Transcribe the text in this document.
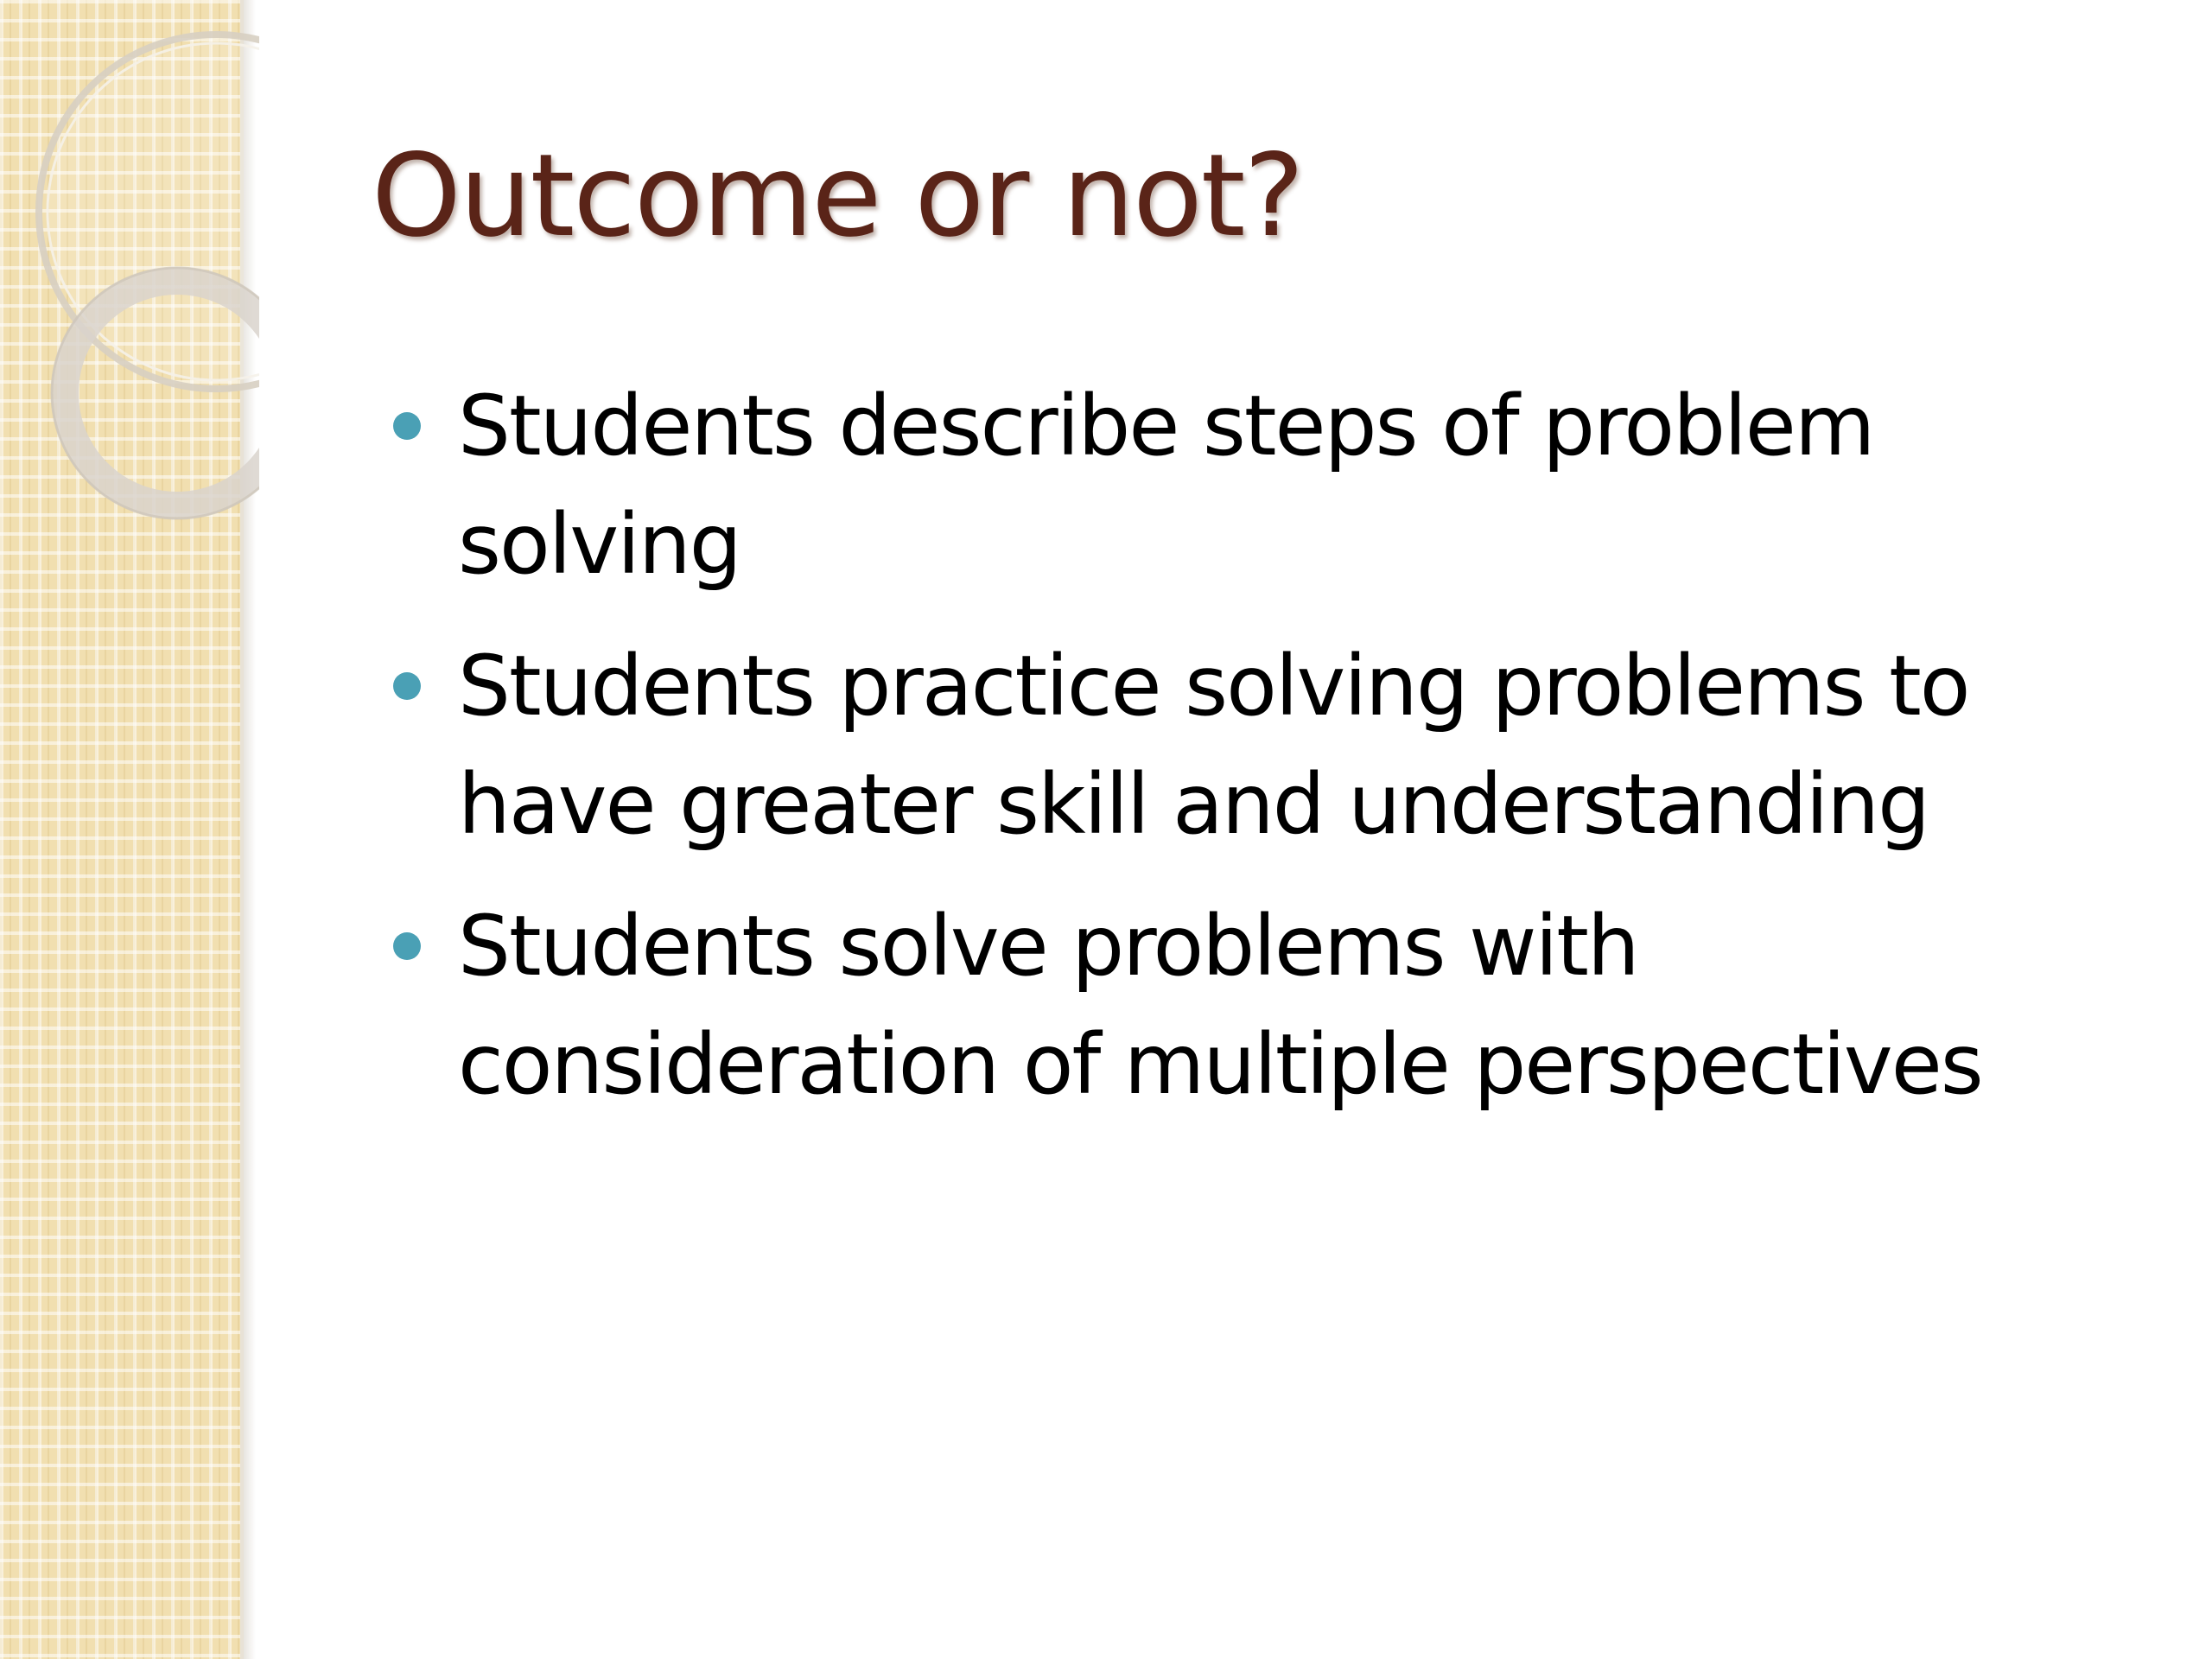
Outcome or not?
Students describe steps of problem solving
Students practice solving problems to have greater skill and understanding
Students solve problems with consideration of multiple perspectives
